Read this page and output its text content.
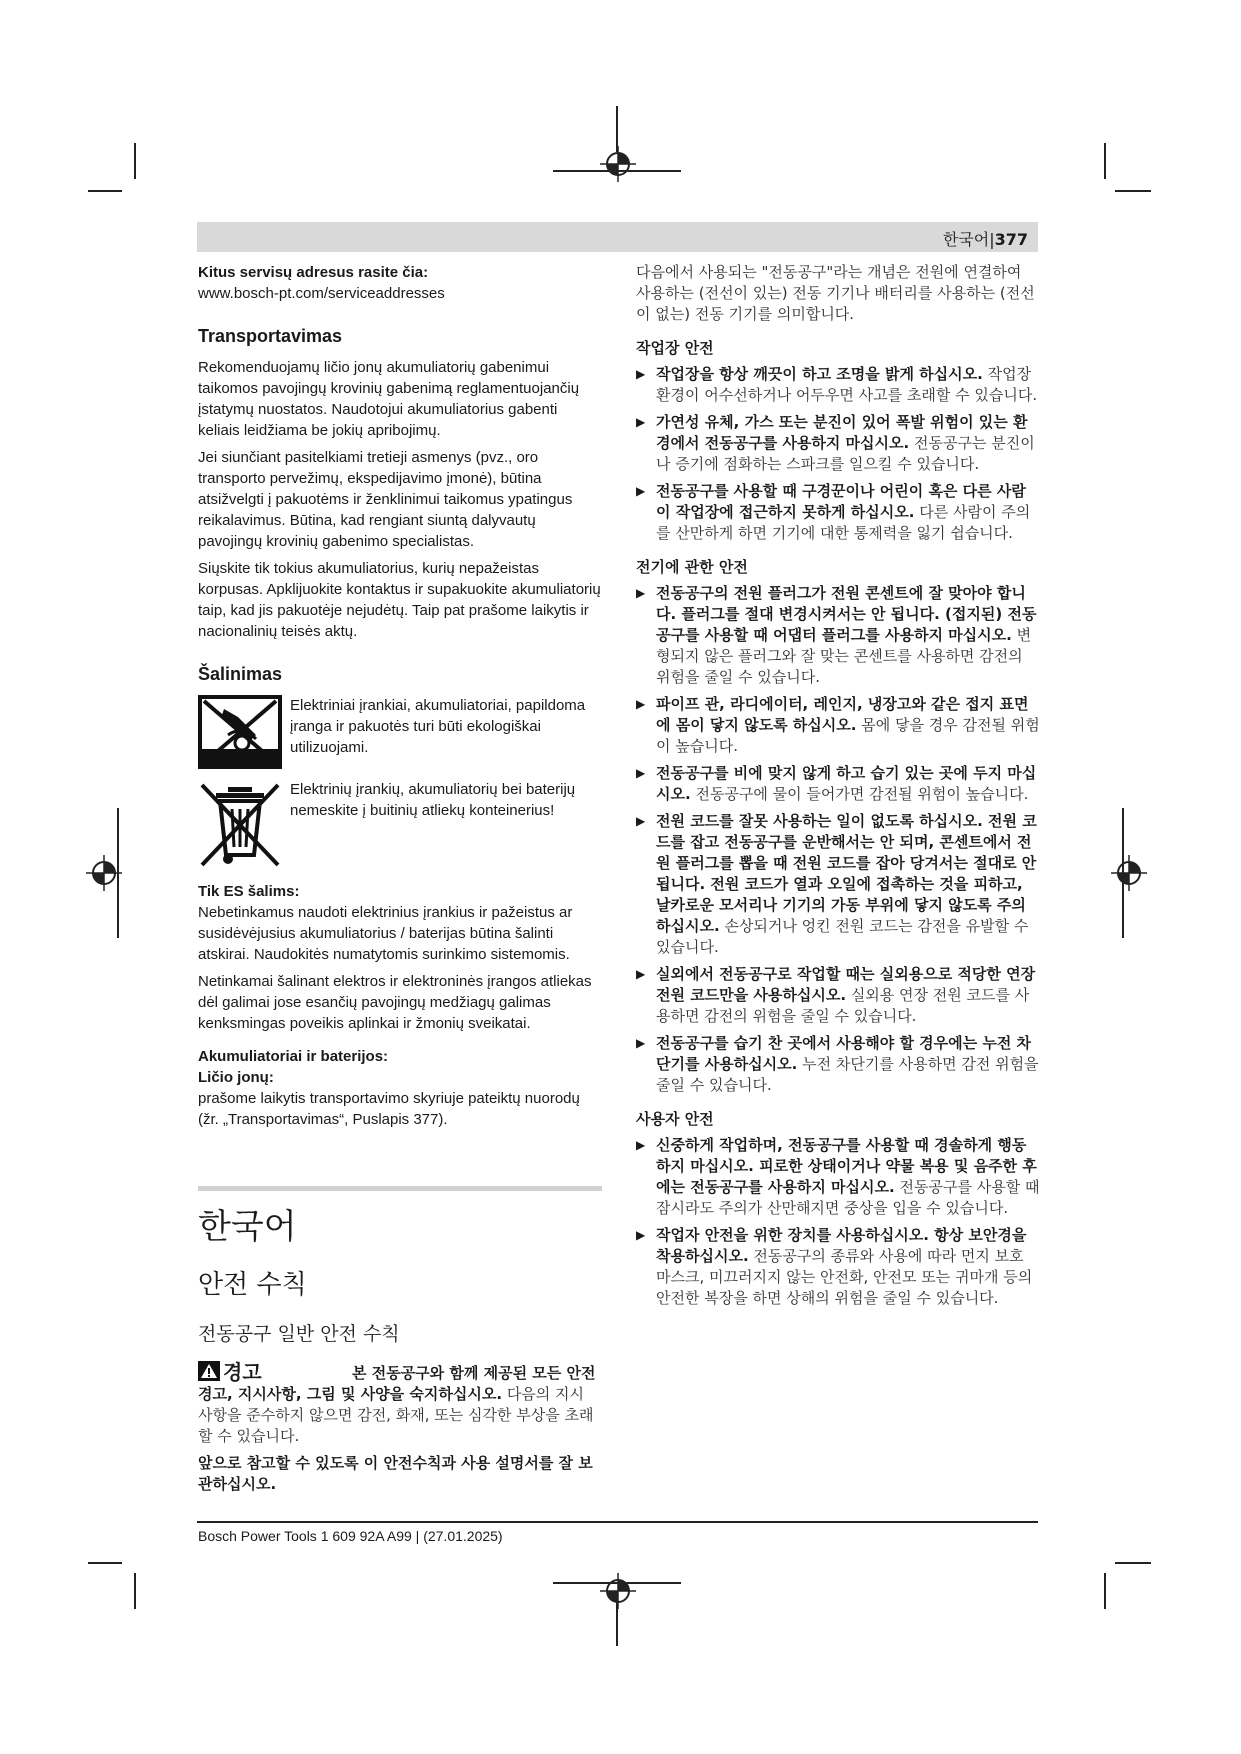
한국어|377

Kitus servisų adresus rasite čia:

www.bosch-pt.com/serviceaddresses

Transportavimas

Rekomenduojamų ličio jonų akumuliatorių gabenimui taikomos pavojingų krovinių gabenimą reglamentuojančių įstatymų nuostatos. Naudotojui akumuliatorius gabenti keliais leidžiama be jokių apribojimų.

Jei siunčiant pasitelkiami tretieji asmenys (pvz., oro transporto pervežimų, ekspedijavimo įmonė), būtina atsižvelgti į pakuotėms ir ženklinimui taikomus ypatingus reikalavimus. Būtina, kad rengiant siuntą dalyvautų pavojingų krovinių gabenimo specialistas.

Siųskite tik tokius akumuliatorius, kurių nepažeistas korpusas. Apklijuokite kontaktus ir supakuokite akumuliatorių taip, kad jis pakuotėje nejudėtų. Taip pat prašome laikytis ir nacionalinių teisės aktų.

Šalinimas

Elektriniai įrankiai, akumuliatoriai, papildoma įranga ir pakuotės turi būti ekologiškai utilizuojami.

Elektrinių įrankių, akumuliatorių bei baterijų nemeskite į buitinių atliekų konteinerius!

Tik ES šalims:

Nebetinkamus naudoti elektrinius įrankius ir pažeistus ar susidėvėjusius akumuliatorius / baterijas būtina šalinti atskirai. Naudokitės numatytomis surinkimo sistemomis.

Netinkamai šalinant elektros ir elektroninės įrangos atliekas dėl galimai jose esančių pavojingų medžiagų galimas kenksmingas poveikis aplinkai ir žmonių sveikatai.

Akumuliatoriai ir baterijos:
Ličio jonų:

prašome laikytis transportavimo skyriuje pateiktų nuorodų (žr. „Transportavimas“, Puslapis 377).

한국어
안전 수칙
전동공구 일반 안전 수칙
경고	본 전동공구와 함께 제공된 모든 안전경고, 지시사항, 그림 및 사양을 숙지하십시오. 다음의 지시 사항을 준수하지 않으면 감전, 화재, 또는 심각한 부상을 초래할 수 있습니다.

앞으로 참고할 수 있도록 이 안전수칙과 사용 설명서를 잘 보관하십시오.

다음에서 사용되는 "전동공구"라는 개념은 전원에 연결하여 사용하는 (전선이 있는) 전동 기기나 배터리를 사용하는 (전선이 없는) 전동 기기를 의미합니다.

작업장 안전

▶ 작업장을 항상 깨끗이 하고 조명을 밝게 하십시오. 작업장 환경이 어수선하거나 어두우면 사고를 초래할 수 있습니다.

▶ 가연성 유체, 가스 또는 분진이 있어 폭발 위험이 있는 환경에서 전동공구를 사용하지 마십시오. 전동공구는 분진이나 증기에 점화하는 스파크를 일으킬 수 있습니다.

▶ 전동공구를 사용할 때 구경꾼이나 어린이 혹은 다른 사람이 작업장에 접근하지 못하게 하십시오. 다른 사람이 주의를 산만하게 하면 기기에 대한 통제력을 잃기 쉽습니다.

전기에 관한 안전

▶ 전동공구의 전원 플러그가 전원 콘센트에 잘 맞아야 합니다. 플러그를 절대 변경시켜서는 안 됩니다. (접지된) 전동공구를 사용할 때 어댑터 플러그를 사용하지 마십시오. 변형되지 않은 플러그와 잘 맞는 콘센트를 사용하면 감전의 위험을 줄일 수 있습니다.

▶ 파이프 관, 라디에이터, 레인지, 냉장고와 같은 접지 표면에 몸이 닿지 않도록 하십시오. 몸에 닿을 경우 감전될 위험이 높습니다.

▶ 전동공구를 비에 맞지 않게 하고 습기 있는 곳에 두지 마십시오. 전동공구에 물이 들어가면 감전될 위험이 높습니다.

▶ 전원 코드를 잘못 사용하는 일이 없도록 하십시오. 전원 코드를 잡고 전동공구를 운반해서는 안 되며, 콘센트에서 전원 플러그를 뽑을 때 전원 코드를 잡아 당겨서는 절대로 안 됩니다. 전원 코드가 열과 오일에 접촉하는 것을 피하고, 날카로운 모서리나 기기의 가동 부위에 닿지 않도록 주의하십시오. 손상되거나 엉킨 전원 코드는 감전을 유발할 수 있습니다.

▶ 실외에서 전동공구로 작업할 때는 실외용으로 적당한 연장 전원 코드만을 사용하십시오. 실외용 연장 전원 코드를 사용하면 감전의 위험을 줄일 수 있습니다.

▶ 전동공구를 습기 찬 곳에서 사용해야 할 경우에는 누전 차단기를 사용하십시오. 누전 차단기를 사용하면 감전 위험을 줄일 수 있습니다.

사용자 안전

▶ 신중하게 작업하며, 전동공구를 사용할 때 경솔하게 행동하지 마십시오. 피로한 상태이거나 약물 복용 및 음주한 후에는 전동공구를 사용하지 마십시오. 전동공구를 사용할 때 잠시라도 주의가 산만해지면 중상을 입을 수 있습니다.

▶ 작업자 안전을 위한 장치를 사용하십시오. 항상 보안경을 착용하십시오. 전동공구의 종류와 사용에 따라 먼지 보호 마스크, 미끄러지지 않는 안전화, 안전모 또는 귀마개 등의 안전한 복장을 하면 상해의 위험을 줄일 수 있습니다.

Bosch Power Tools 1 609 92A A99 | (27.01.2025)
